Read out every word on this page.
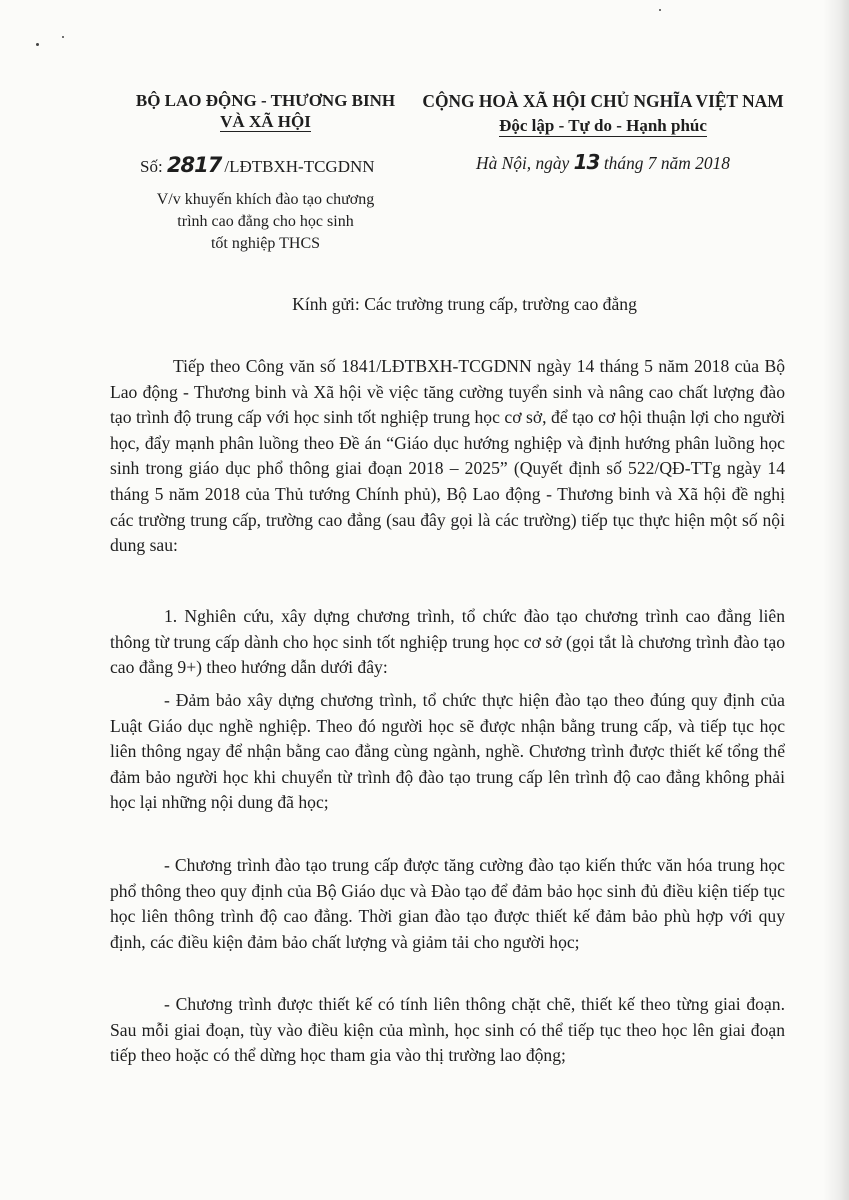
BỘ LAO ĐỘNG - THƯƠNG BINH
VÀ XÃ HỘI
Số: 2817 /LĐTBXH-TCGDNN
V/v khuyến khích đào tạo chương
trình cao đẳng cho học sinh
tốt nghiệp THCS
CỘNG HOÀ XÃ HỘI CHỦ NGHĨA VIỆT NAM
Độc lập - Tự do - Hạnh phúc
Hà Nội, ngày 13 tháng 7 năm 2018
Kính gửi: Các trường trung cấp, trường cao đẳng

Tiếp theo Công văn số 1841/LĐTBXH-TCGDNN ngày 14 tháng 5 năm 2018 của Bộ Lao động - Thương binh và Xã hội về việc tăng cường tuyển sinh và nâng cao chất lượng đào tạo trình độ trung cấp với học sinh tốt nghiệp trung học cơ sở, để tạo cơ hội thuận lợi cho người học, đẩy mạnh phân luồng theo Đề án “Giáo dục hướng nghiệp và định hướng phân luồng học sinh trong giáo dục phổ thông giai đoạn 2018 – 2025” (Quyết định số 522/QĐ-TTg ngày 14 tháng 5 năm 2018 của Thủ tướng Chính phủ), Bộ Lao động - Thương binh và Xã hội đề nghị các trường trung cấp, trường cao đẳng (sau đây gọi là các trường) tiếp tục thực hiện một số nội dung sau:

1. Nghiên cứu, xây dựng chương trình, tổ chức đào tạo chương trình cao đẳng liên thông từ trung cấp dành cho học sinh tốt nghiệp trung học cơ sở (gọi tắt là chương trình đào tạo cao đẳng 9+) theo hướng dẫn dưới đây:

- Đảm bảo xây dựng chương trình, tổ chức thực hiện đào tạo theo đúng quy định của Luật Giáo dục nghề nghiệp. Theo đó người học sẽ được nhận bằng trung cấp, và tiếp tục học liên thông ngay để nhận bằng cao đẳng cùng ngành, nghề. Chương trình được thiết kế tổng thể đảm bảo người học khi chuyển từ trình độ đào tạo trung cấp lên trình độ cao đẳng không phải học lại những nội dung đã học;

- Chương trình đào tạo trung cấp được tăng cường đào tạo kiến thức văn hóa trung học phổ thông theo quy định của Bộ Giáo dục và Đào tạo để đảm bảo học sinh đủ điều kiện tiếp tục học liên thông trình độ cao đẳng. Thời gian đào tạo được thiết kế đảm bảo phù hợp với quy định, các điều kiện đảm bảo chất lượng và giảm tải cho người học;

- Chương trình được thiết kế có tính liên thông chặt chẽ, thiết kế theo từng giai đoạn. Sau mỗi giai đoạn, tùy vào điều kiện của mình, học sinh có thể tiếp tục theo học lên giai đoạn tiếp theo hoặc có thể dừng học tham gia vào thị trường lao động;
